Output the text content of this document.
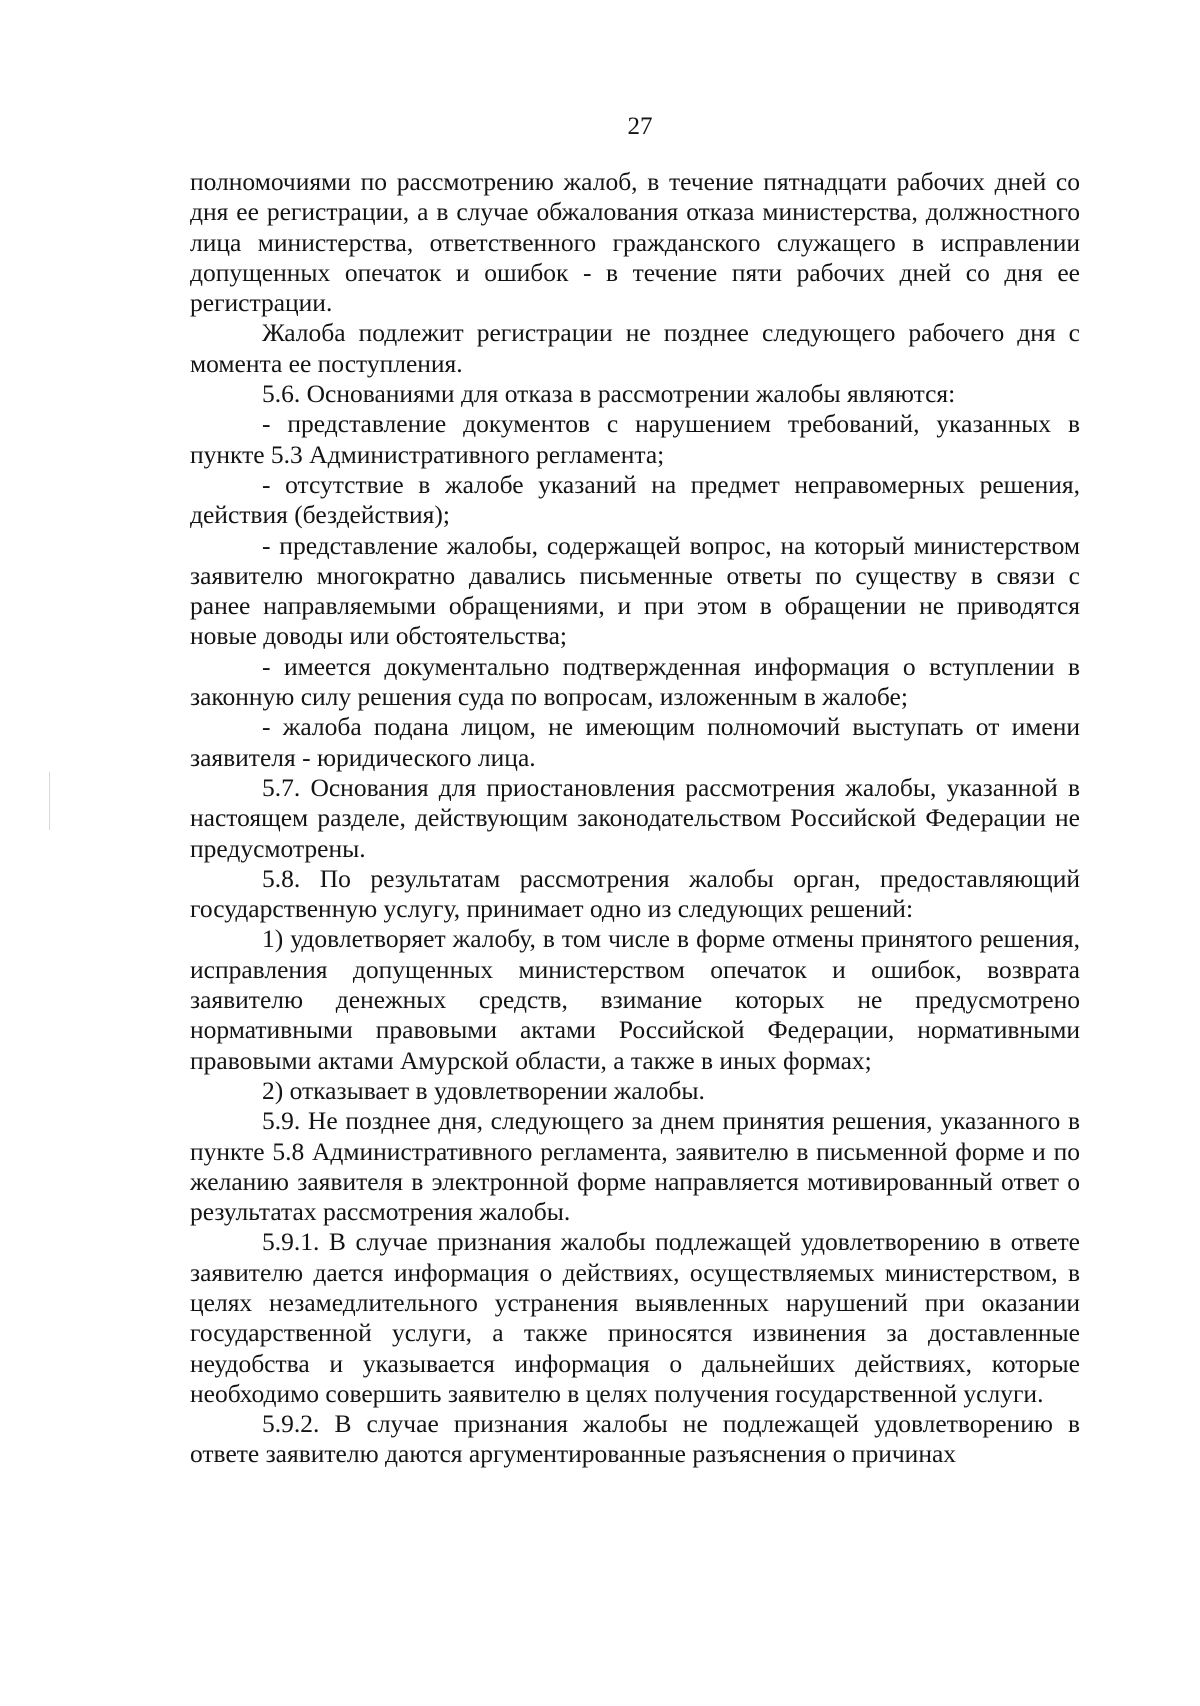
27

полномочиями по рассмотрению жалоб, в течение пятнадцати рабочих дней со дня ее регистрации, а в случае обжалования отказа министерства, должностного лица министерства, ответственного гражданского служащего в исправлении допущенных опечаток и ошибок - в течение пяти рабочих дней со дня ее регистрации.

Жалоба подлежит регистрации не позднее следующего рабочего дня с момента ее поступления.

5.6. Основаниями для отказа в рассмотрении жалобы являются:

- представление документов с нарушением требований, указанных в пункте 5.3 Административного регламента;

- отсутствие в жалобе указаний на предмет неправомерных решения, действия (бездействия);

- представление жалобы, содержащей вопрос, на который министерством заявителю многократно давались письменные ответы по существу в связи с ранее направляемыми обращениями, и при этом в обращении не приводятся новые доводы или обстоятельства;

- имеется документально подтвержденная информация о вступлении в законную силу решения суда по вопросам, изложенным в жалобе;

- жалоба подана лицом, не имеющим полномочий выступать от имени заявителя - юридического лица.

5.7. Основания для приостановления рассмотрения жалобы, указанной в настоящем разделе, действующим законодательством Российской Федерации не предусмотрены.

5.8. По результатам рассмотрения жалобы орган, предоставляющий государственную услугу, принимает одно из следующих решений:

1) удовлетворяет жалобу, в том числе в форме отмены принятого решения, исправления допущенных министерством опечаток и ошибок, возврата заявителю денежных средств, взимание которых не предусмотрено нормативными правовыми актами Российской Федерации, нормативными правовыми актами Амурской области, а также в иных формах;

2) отказывает в удовлетворении жалобы.

5.9. Не позднее дня, следующего за днем принятия решения, указанного в пункте 5.8 Административного регламента, заявителю в письменной форме и по желанию заявителя в электронной форме направляется мотивированный ответ о результатах рассмотрения жалобы.

5.9.1. В случае признания жалобы подлежащей удовлетворению в ответе заявителю дается информация о действиях, осуществляемых министерством, в целях незамедлительного устранения выявленных нарушений при оказании государственной услуги, а также приносятся извинения за доставленные неудобства и указывается информация о дальнейших действиях, которые необходимо совершить заявителю в целях получения государственной услуги.

5.9.2. В случае признания жалобы не подлежащей удовлетворению в ответе заявителю даются аргументированные разъяснения о причинах
